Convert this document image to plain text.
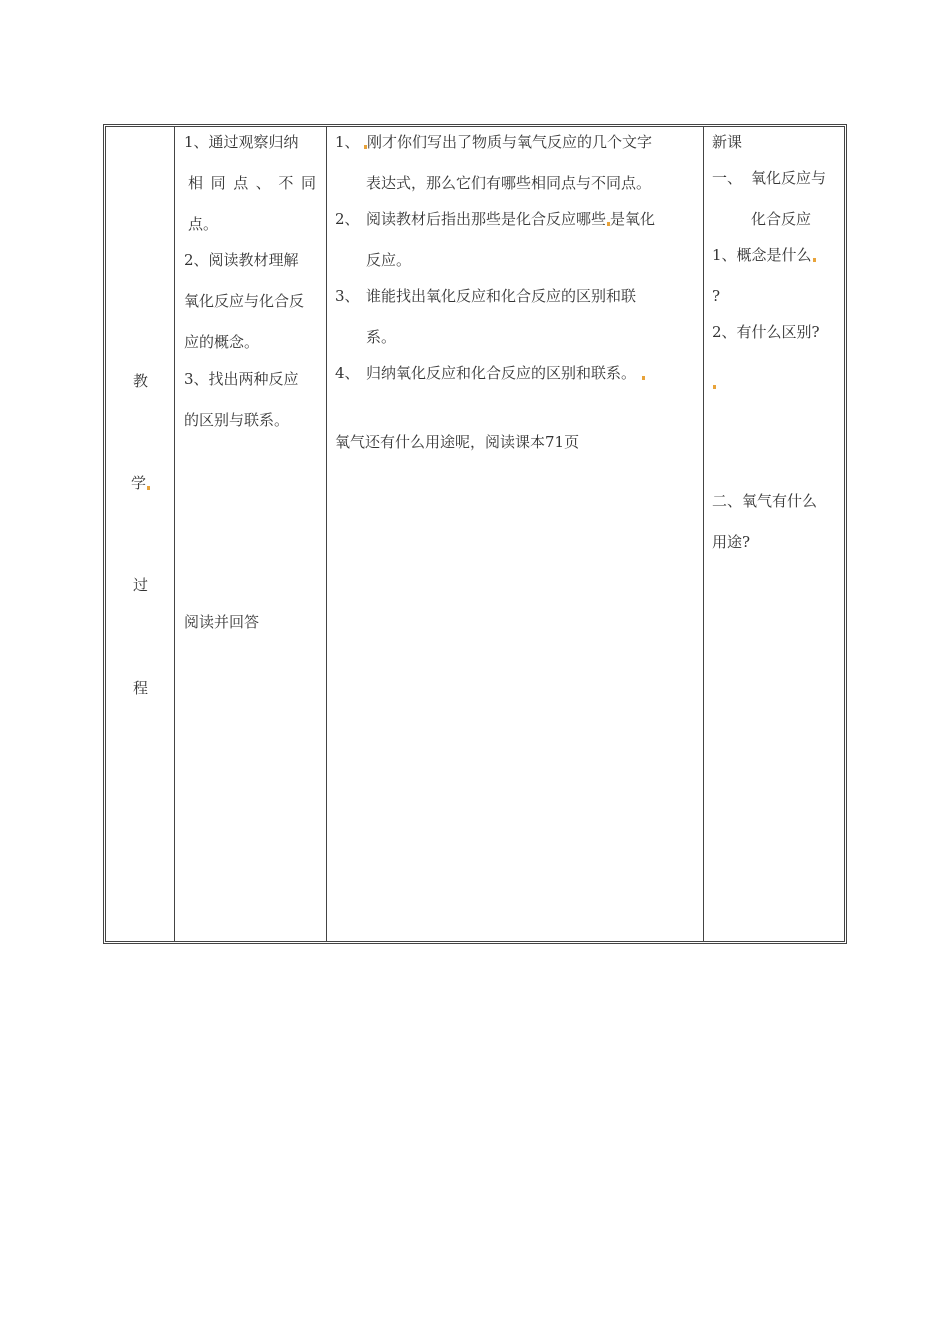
教
学
过
程
1、通过观察归纳
相 同 点 、 不 同
点。
2、阅读教材理解
氧化反应与化合反
应的概念。
3、找出两种反应
的区别与联系。
阅读并回答
1、 刚才你们写出了物质与氧气反应的几个文字
表达式，那么它们有哪些相同点与不同点。
2、 阅读教材后指出那些是化合反应哪些 是氧化
反应。
3、 谁能找出氧化反应和化合反应的区别和联
系。
4、 归纳氧化反应和化合反应的区别和联系。
氧气还有什么用途呢，阅读课本71页
新课
一、 氧化反应与
化合反应
1、概念是什么
?
2、有什么区别?
二、氧气有什么
用途?
